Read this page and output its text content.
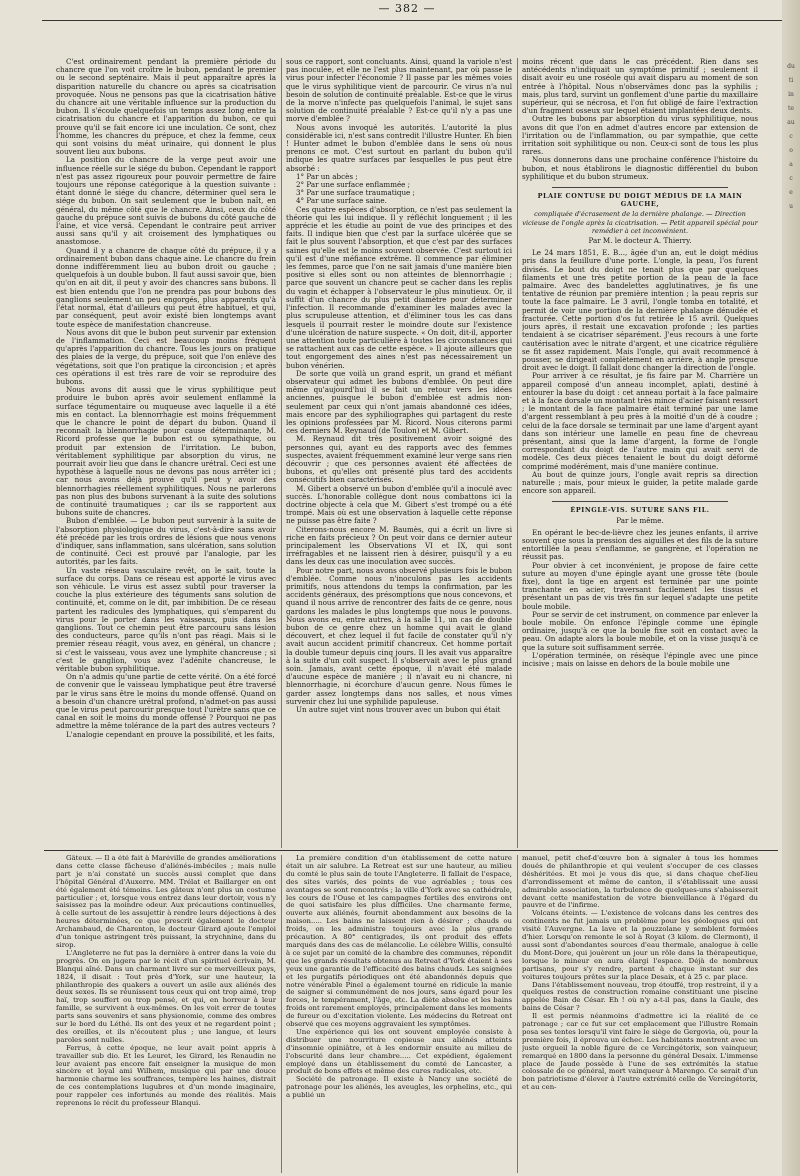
— 382 —

C'est ordinairement pendant la première période du chancre que l'on voit croître le bubon, pendant le premier ou le second septénaire. Mais il peut apparaître après la disparition naturelle du chancre ou après sa cicatrisation provoquée. Nous ne pensons pas que la cicatrisation hâtive du chancre ait une véritable influence sur la production du bubon. Il s'écoule quelquefois un temps assez long entre la cicatrisation du chancre et l'apparition du bubon, ce qui prouve qu'il se fait encore ici une inculation. Ce sont, chez l'homme, les chancres du prépuce, et chez la femme, ceux qui sont voisins du méat urinaire, qui donnent le plus souvent lieu aux bubons.

La position du chancre de la verge peut avoir une influence réelle sur le siége du bubon. Cependant le rapport n'est pas assez rigoureux pour pouvoir permettre de faire toujours une réponse catégorique à la question suivante : étant donné le siége du chancre, déterminer quel sera le siége du bubon. On sait seulement que le bubon naît, en général, du même côté que le chancre. Ainsi, ceux du côté gauche du prépuce sont suivis de bubons du côté gauche de l'aine, et vice versâ. Cependant le contraire peut arriver aussi sans qu'il y ait croisement des lymphatiques ou anastomose.

Quand il y a chancre de chaque côté du prépuce, il y a ordinairement bubon dans chaque aine. Le chancre du frein donne indifféremment lieu au bubon droit ou gauche ; quelquefois à un double bubon. Il faut aussi savoir que, bien qu'on en ait dit, il peut y avoir des chancres sans bubons. Il est bien entendu que l'on ne prendra pas pour bubons des ganglions seulement un peu engorgés, plus apparents qu'à l'état normal, état d'ailleurs qui peut être habituel, et qui, par conséquent, peut avoir existé bien longtemps avant toute espèce de manifestation chancreuse.

Nous avons dit que le bubon peut survenir par extension de l'inflammation. Ceci est beaucoup moins fréquent qu'après l'apparition du chancre. Tous les jours on pratique des plaies de la verge, du prépuce, soit que l'on enlève des végétations, soit que l'on pratique la circoncision ; et après ces opérations il est très rare de voir se reproduire des bubons.

Nous avons dit aussi que le virus syphilitique peut produire le bubon après avoir seulement enflammé la surface tégumentaire ou muqueuse avec laquelle il a été mis en contact. La blennorrhagie est moins fréquemment que le chancre le point de départ du bubon. Quand il reconnaît la blennorrhagie pour cause déterminante, M. Ricord professe que le bubon est ou sympathique, ou produit par extension de l'irritation. Le bubon, véritablement syphilitique par absorption du virus, ne pourrait avoir lieu que dans le chancre urétral. Ceci est une hypothèse à laquelle nous ne devons pas nous arrêter ici ; car nous avons déjà prouvé qu'il peut y avoir des blennorrhagies réellement syphilitiques. Nous ne parlerons pas non plus des bubons survenant à la suite des solutions de continuité traumatiques ; car ils se rapportent aux bubons suite de chancres.

Bubon d'emblée. — Le bubon peut survenir à la suite de l'absorption physiologique du virus, c'est-à-dire sans avoir été précédé par les trois ordres de lésions que nous venons d'indiquer, sans inflammation, sans ulcération, sans solution de continuité. Ceci est prouvé par l'analogie, par les autorités, par les faits.

Un vaste réseau vasculaire revêt, on le sait, toute la surface du corps. Dans ce réseau est apporté le virus avec son véhicule. Le virus est assez subtil pour traverser la couche la plus extérieure des téguments sans solution de continuité, et, comme on le dit, par imbibition. De ce réseau partent les radicules des lymphatiques, qui s'emparent du virus pour le porter dans les vaisseaux, puis dans les ganglions. Tout ce chemin peut être parcouru sans lésion des conducteurs, parce qu'ils n'ont pas réagi. Mais si le premier réseau réagit, vous avez, en général, un chancre ; si c'est le vaisseau, vous avez une lymphite chancreuse ; si c'est le ganglion, vous avez l'adénite chancreuse, le véritable bubon syphilitique.

On n'a admis qu'une partie de cette vérité. On a été forcé de convenir que le vaisseau lymphatique peut être traversé par le virus sans être le moins du monde offensé. Quand on a besoin d'un chancre urétral profond, n'admet-on pas aussi que le virus peut parcourir presque tout l'urètre sans que ce canal en soit le moins du monde offensé ? Pourquoi ne pas admettre la même tolérance de la part des autres vecteurs ?

L'analogie cependant en prouve la possibilité, et les faits,

sous ce rapport, sont concluants. Ainsi, quand la variole n'est pas inoculée, et elle ne l'est plus maintenant, par où passe le virus pour infecter l'économie ? Il passe par les mêmes voies que le virus syphilitique vient de parcourir. Ce virus n'a nul besoin de solution de continuité préalable. Est-ce que le virus de la morve n'infecte pas quelquefois l'animal, le sujet sans solution de continuité préalable ? Est-ce qu'il n'y a pas une morve d'emblée ?

Nous avons invoqué les autorités. L'autorité la plus considérable ici, n'est sans contredit l'illustre Hunter. Eh bien ! Hunter admet le bubon d'emblée dans le sens où nous prenons ce mot. C'est surtout en parlant du bubon qu'il indique les quatre surfaces par lesquelles le pus peut être absorbé :

1° Par un abcès ;

2° Par une surface enflammée ;

3° Par une surface traumatique ;

4° Par une surface saine.

Ces quatre espèces d'absorption, ce n'est pas seulement la théorie qui les lui indique. Il y réfléchit longuement ; il les apprécie et les étudie au point de vue des principes et des faits. Il indique bien que c'est par la surface ulcérée que se fait le plus souvent l'absorption, et que c'est par des surfaces saines qu'elle est le moins souvent observée. C'est surtout ici qu'il est d'une méfiance extrême. Il commence par éliminer les femmes, parce que l'on ne sait jamais d'une manière bien positive si elles sont ou non atteintes de blennorrhagie ; parce que souvent un chancre peut se cacher dans les replis du vagin et échapper à l'observateur le plus minutieux. Or, il suffit d'un chancre du plus petit diamètre pour déterminer l'infection. Il recommande d'examiner les malades avec la plus scrupuleuse attention, et d'éliminer tous les cas dans lesquels il pourrait rester le moindre doute sur l'existence d'une ulcération de nature suspecte. « On doit, dit-il, apporter une attention toute particulière à toutes les circonstances qui se rattachent aux cas de cette espèce. » Il ajoute ailleurs que tout engorgement des aines n'est pas nécessairement un bubon vénérien.

De sorte que voilà un grand esprit, un grand et méfiant observateur qui admet les bubons d'emblée. On peut dire même qu'aujourd'hui il se fait un retour vers les idées anciennes, puisque le bubon d'emblée est admis non-seulement par ceux qui n'ont jamais abandonné ces idées, mais encore par des syphiliographes qui partagent du reste les opinions professées par M. Ricord. Nous citerons parmi ces derniers M. Reynaud (de Toulon) et M. Gibert.

M. Reynaud dit très positivement avoir soigné des personnes qui, ayant eu des rapports avec des femmes suspectes, avaient fréquemment examiné leur verge sans rien découvrir ; que ces personnes avaient été affectées de bubons, et qu'elles ont présenté plus tard des accidents consécutifs bien caractérisés.

M. Gibert a observé un bubon d'emblée qu'il a inoculé avec succès. L'honorable collègue dont nous combattons ici la doctrine objecte à cela que M. Gibert s'est trompé ou a été trompé. Mais où est une observation à laquelle cette réponse ne puisse pas être faite ?

Citerons-nous encore M. Baumès, qui a écrit un livre si riche en faits précieux ? On peut voir dans ce dernier auteur principalement les Observations VI et IX, qui sont irréfragables et ne laissent rien à désirer, puisqu'il y a eu dans les deux cas une inoculation avec succès.

Pour notre part, nous avons observé plusieurs fois le bubon d'emblée. Comme nous n'inoculons pas les accidents primitifs, nous attendons du temps la confirmation, par les accidents généraux, des présomptions que nous concevons, et quand il nous arrive de rencontrer des faits de ce genre, nous gardons les malades le plus longtemps que nous le pouvons. Nous avons eu, entre autres, à la salle 11, un cas de double bubon de ce genre chez un homme qui avait le gland découvert, et chez lequel il fut facile de constater qu'il n'y avait aucun accident primitif chancreux. Cet homme portait la double tumeur depuis cinq jours. Il les avait vus apparaître à la suite d'un coït suspect. Il s'observait avec le plus grand soin. Jamais, avant cette époque, il n'avait été malade d'aucune espèce de manière ; il n'avait eu ni chancre, ni blennorrhagie, ni écorchure d'aucun genre. Nous fûmes le garder assez longtemps dans nos salles, et nous vîmes survenir chez lui une syphilide papuleuse.

Un autre sujet vint nous trouver avec un bubon qui était

moins récent que dans le cas précédent. Rien dans ses antécédents n'indiquait un symptôme primitif ; seulement il disait avoir eu une roséole qui avait disparu au moment de son entrée à l'hôpital. Nous n'observâmes donc pas la syphilis ; mais, plus tard, survint un gonflement d'une partie du maxillaire supérieur, qui se nécrosa, et l'on fut obligé de faire l'extraction d'un fragment osseux sur lequel étaient implantées deux dents.

Outre les bubons par absorption du virus syphilitique, nous avons dit que l'on en admet d'autres encore par extension de l'irritation ou de l'inflammation, ou par sympathie, que cette irritation soit syphilitique ou non. Ceux-ci sont de tous les plus rares.

Nous donnerons dans une prochaine conférence l'histoire du bubon, et nous établirons le diagnostic différentiel du bubon syphilitique et du bubon strumeux.

PLAIE CONTUSE DU DOIGT MÉDIUS DE LA MAIN GAUCHE,

compliquée d'écrasement de la dernière phalange. — Direction vicieuse de l'ongle après la cicatrisation. — Petit appareil spécial pour remédier à cet inconvénient.

Par M. le docteur A. Thierry.

Le 24 mars 1851, E. B..., âgée d'un an, eut le doigt médius pris dans la feuillure d'une porte. L'ongle, la peau, l'os furent divisés. Le bout du doigt ne tenait plus que par quelques filaments et une très petite portion de la peau de la face palmaire. Avec des bandelettes agglutinatives, je fis une tentative de réunion par première intention ; la peau repris sur toute la face palmaire. Le 3 avril, l'ongle tomba en totalité, et permit de voir une portion de la dernière phalange dénudée et fracturée. Cette portion d'os fut retirée le 15 avril. Quelques jours après, il restait une excavation profonde ; les parties tendaient à se cicatriser séparément. J'eus recours à une forte cautérisation avec le nitrate d'argent, et une cicatrice régulière se fit assez rapidement. Mais l'ongle, qui avait recommencé à pousser, se dirigeait complètement en arrière, à angle presque droit avec le doigt. Il fallait donc changer la direction de l'ongle.

Pour arriver à ce résultat, je fis faire par M. Charrière un appareil composé d'un anneau incomplet, aplati, destiné à entourer la base du doigt : cet anneau portait à la face palmaire et à la face dorsale un montant très mince d'acier faisant ressort ; le montant de la face palmaire était terminé par une lame d'argent ressemblant à peu près à la moitié d'un dé à coudre ; celui de la face dorsale se terminait par une lame d'argent ayant dans son intérieur une lamelle en peau fine de chevreau présentant, ainsi que la lame d'argent, la forme de l'ongle correspondant du doigt de l'autre main qui avait servi de modèle. Ces deux pièces tenaient le bout du doigt déformé comprimé modérément, mais d'une manière continue.

Au bout de quinze jours, l'ongle avait repris sa direction naturelle ; mais, pour mieux le guider, la petite malade garde encore son appareil.

ÉPINGLE-VIS. SUTURE SANS FIL.

Par le même.

En opérant le bec-de-lièvre chez les jeunes enfants, il arrive souvent que sous la pression des aiguilles et des fils de la suture entortillée la peau s'enflamme, se gangrène, et l'opération ne réussit pas.

Pour obvier à cet inconvénient, je propose de faire cette suture au moyen d'une épingle ayant une grosse tête (boule fixe), dont la tige en argent est terminée par une pointe tranchante en acier, traversant facilement les tissus et présentant un pas de vis très fin sur lequel s'adapte une petite boule mobile.

Pour se servir de cet instrument, on commence par enlever la boule mobile. On enfonce l'épingle comme une épingle ordinaire, jusqu'à ce que la boule fixe soit en contact avec la peau. On adapte alors la boule mobile, et on la visse jusqu'à ce que la suture soit suffisamment serrée.

L'opération terminée, on résèque l'épingle avec une pince incisive ; mais on laisse en dehors de la boule mobile une

Gâteux. — Il a été fait à Maréville de grandes améliorations dans cette classe fâcheuse d'aliénés-imbéciles ; mais nulle part je n'ai constaté un succès aussi complet que dans l'hôpital Général d'Auxerre. MM. Trélat et Baillarger en ont été également été témoins. Les gâteux n'ont plus un costume particulier ; et, lorsque vous entrez dans leur dortoir, vous n'y saisissez pas la moindre odeur. Aux précautions continuelles, à celle surtout de les assujettir à rendre leurs déjections à des heures déterminées, ce que prescrit également le docteur Archambaud, de Charenton, le docteur Girard ajoute l'emploi d'un tonique astringent très puissant, la strychnine, dans du sirop.

L'Angleterre ne fut pas la dernière à entrer dans la voie du progrès. On en jugera par le récit d'un spirituel écrivain, M. Blanqui aîné. Dans un charmant livre sur ce merveilleux pays, 1824, il disait : Tout près d'York, sur une hauteur, la philanthropie des quakers a ouvert un asile aux aliénés des deux sexes. Ils se réunissent tous ceux qui ont trop aimé, trop haï, trop souffert ou trop pensé, et qui, en horreur à leur famille, se survivent à eux-mêmes. On les voit errer de toutes parts sans souvenirs et sans physionomie, comme des ombres sur le bord du Léthé. Ils ont des yeux et ne regardent point ; des oreilles, et ils n'écoutent plus ; une langue, et leurs paroles sont nulles.

Ferrus, à cette époque, ne leur avait point appris à travailler sub dio. Et les Leuret, les Girard, les Renaudin ne leur avaient pas encore fait enseigner la musique de mon sincère et loyal ami Wilhem, musique qui par une douce harmonie charme les souffrances, tempère les haines, distrait de ces contemplations lugubres et d'un monde imaginaire, pour rappeler ces infortunés au monde des réalités. Mais reprenons le récit du professeur Blanqui.

La première condition d'un établissement de cette nature était un air salubre. La Retreat est sur une hauteur, au milieu du comté le plus sain de toute l'Angleterre. Il fallait de l'espace, des sites variés, des points de vue agréables ; tous ces avantages se sont rencontrés ; la ville d'York avec sa cathédrale, les cours de l'Ouse et les campagnes fertiles des environs ont de quoi satisfaire les plus difficiles. Une charmante ferme, ouverte aux aliénés, fournit abondamment aux besoins de la maison..... Les bains ne laissent rien à désirer ; chauds ou froids, on les administre toujours avec la plus grande précaution. A 80° centigrades, ils ont produit des effets marqués dans des cas de mélancolie. Le célèbre Willis, consulté à ce sujet par un comité de la chambre des communes, répondit que les grands résultats obtenus au Retreat d'York étaient à ses yeux une garantie de l'efficacité des bains chauds. Les saignées et les purgatifs périodiques ont été abandonnés depuis que notre vénérable Pinel a également tourné en ridicule la manie de saigner si communément de nos jours, sans égard pour les forces, le tempérament, l'âge, etc. La diète absolue et les bains froids ont rarement employés, principalement dans les moments de fureur ou d'excitation violente. Les médecins du Retreat ont observé que ces moyens aggravaient les symptômes.

Une expérience qui les ont souvent employée consiste à distribuer une nourriture copieuse aux aliénés atteints d'insomnie opiniâtre, et à les endormir ensuite au milieu de l'obscurité dans leur chambre..... Cet expédient, également employé dans un établissement du comté de Lancaster, a produit de bons effets et même des cures radicales, etc.

Société de patronage. Il existe à Nancy une société de patronage pour les aliénés, les aveugles, les orphelins, etc., qui a publié un

manuel, petit chef-d'œuvre bon à signaler à tous les hommes doués de philanthropie et qui veulent s'occuper de ces classes déshéritées. Et moi je vous dis que, si dans chaque chef-lieu d'arrondissement et même de canton, il s'établissait une aussi admirable association, la turbulence de quelques-uns s'abaisserait devant cette manifestation de votre bienveillance à l'égard du pauvre et de l'infirme.

Volcans éteints. — L'existence de volcans dans les centres des continents ne fut jamais un problème pour les géologues qui ont visité l'Auvergne. La lave et la pouzzolane y semblent formées d'hier. Lorsqu'on remonte le sol à Royat (3 kilom. de Clermont), il aussi sont d'abondantes sources d'eau thermale, analogue à celle du Mont-Dore, qui jouèrent un jour un rôle dans la thérapeutique, lorsque le mineur en aura élargi l'espace. Déjà de nombreux partisans, pour s'y rendre, partent à chaque instant sur des voitures toujours prêtes sur la place Desaix, et à 25 c. par place.

Dans l'établissement nouveau, trop étouffé, trop restreint, il y a quelques restes de construction romaine constituant une piscine appelée Bain de César. Eh ! où n'y a-t-il pas, dans la Gaule, des bains de César ?

Il est permis néanmoins d'admettre ici la réalité de ce patronage ; car ce fut sur cet emplacement que l'illustre Romain posa ses tentes lorsqu'il vint faire le siège de Gergovia, où, pour la première fois, il éprouva un échec. Les habitants montrent avec un juste orgueil la noble figure de ce Vercingétorix, son vainqueur, remarqué en 1800 dans la personne du général Desaix. L'immense place de Jaude possède à l'une de ses extrémités la statue colossale de ce général, mort vainqueur à Marengo. Ce serait d'un bon patriotisme d'élever à l'autre extrémité celle de Vercingétorix, et au cen-

du
ti
in
te
au
c
o
a
c
e
u
